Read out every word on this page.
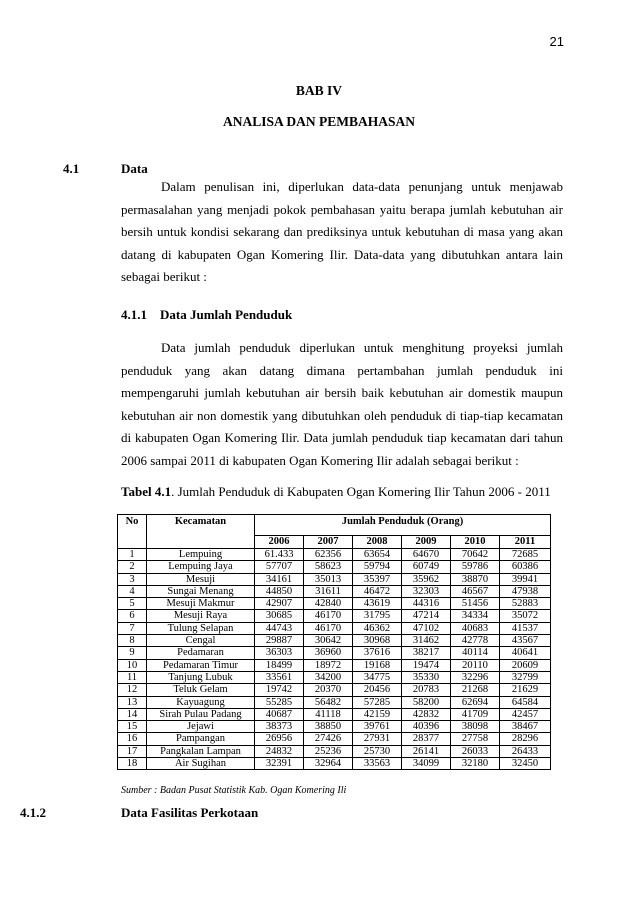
21
BAB IV
ANALISA DAN PEMBAHASAN
4.1	Data

Dalam penulisan ini, diperlukan data-data penunjang untuk menjawab permasalahan yang menjadi pokok pembahasan yaitu berapa jumlah kebutuhan air bersih untuk kondisi sekarang dan prediksinya untuk kebutuhan di masa yang akan datang di kabupaten Ogan Komering Ilir. Data-data yang dibutuhkan antara lain sebagai berikut :

4.1.1 Data Jumlah Penduduk

Data jumlah penduduk diperlukan untuk menghitung proyeksi jumlah penduduk yang akan datang dimana pertambahan jumlah penduduk ini mempengaruhi jumlah kebutuhan air bersih baik kebutuhan air domestik maupun kebutuhan air non domestik yang dibutuhkan oleh penduduk di tiap-tiap kecamatan di kabupaten Ogan Komering Ilir. Data jumlah penduduk tiap kecamatan dari tahun 2006 sampai 2011 di kabupaten Ogan Komering Ilir adalah sebagai berikut :

Tabel 4.1. Jumlah Penduduk di Kabupaten Ogan Komering Ilir Tahun 2006 - 2011
No	Kecamatan	Jumlah Penduduk (Orang)					
		2006	2007	2008	2009	2010	2011
1	Lempuing	61.433	62356	63654	64670	70642	72685
2	Lempuing Jaya	57707	58623	59794	60749	59786	60386
3	Mesuji	34161	35013	35397	35962	38870	39941
4	Sungai Menang	44850	31611	46472	32303	46567	47938
5	Mesuji Makmur	42907	42840	43619	44316	51456	52883
6	Mesuji Raya	30685	46170	31795	47214	34334	35072
7	Tulung Selapan	44743	46170	46362	47102	40683	41537
8	Cengal	29887	30642	30968	31462	42778	43567
9	Pedamaran	36303	36960	37616	38217	40114	40641
10	Pedamaran Timur	18499	18972	19168	19474	20110	20609
11	Tanjung Lubuk	33561	34200	34775	35330	32296	32799
12	Teluk Gelam	19742	20370	20456	20783	21268	21629
13	Kayuagung	55285	56482	57285	58200	62694	64584
14	Sirah Pulau Padang	40687	41118	42159	42832	41709	42457
15	Jejawi	38373	38850	39761	40396	38098	38467
16	Pampangan	26956	27426	27931	28377	27758	28296
17	Pangkalan Lampan	24832	25236	25730	26141	26033	26433
18	Air Sugihan	32391	32964	33563	34099	32180	32450
Sumber : Badan Pusat Statistik Kab. Ogan Komering Ili
4.1.2	Data Fasilitas Perkotaan
